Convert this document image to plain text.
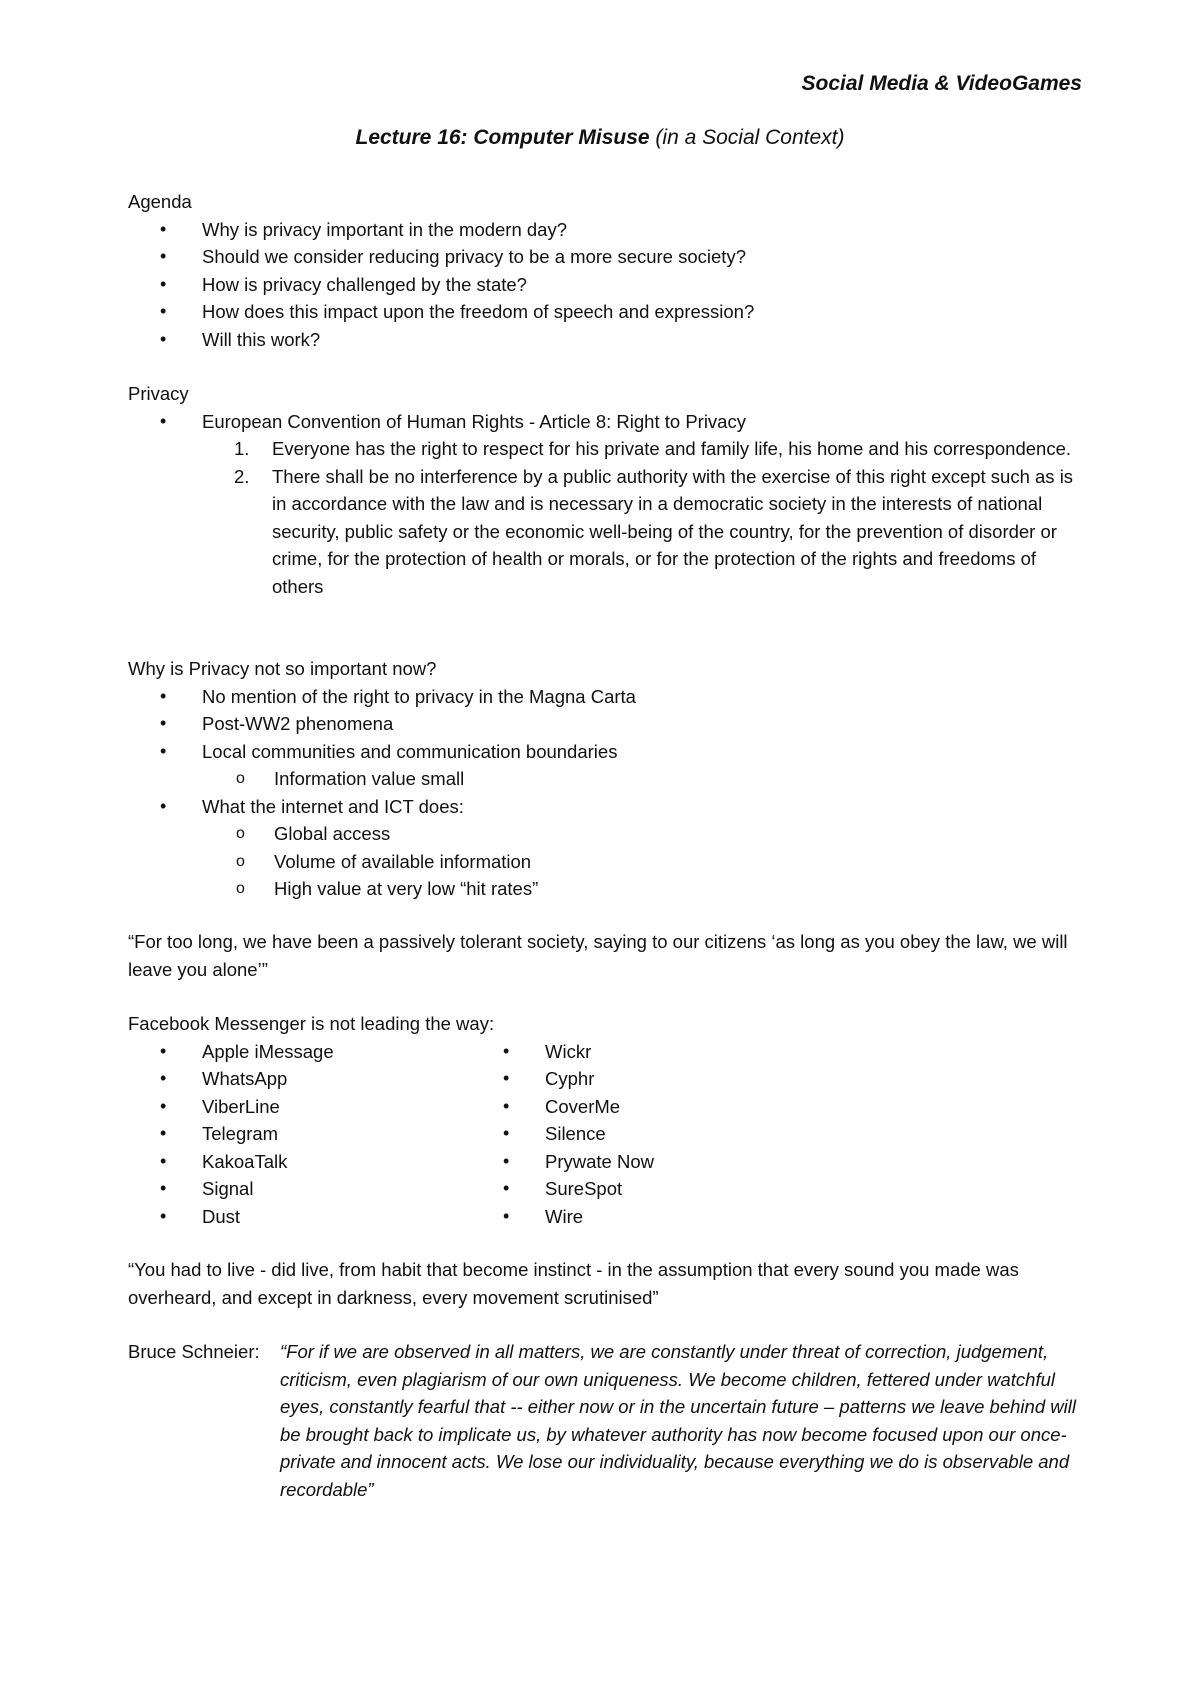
Social Media & VideoGames
Lecture 16: Computer Misuse (in a Social Context)

Agenda

• Why is privacy important in the modern day?
• Should we consider reducing privacy to be a more secure society?
• How is privacy challenged by the state?
• How does this impact upon the freedom of speech and expression?
• Will this work?

Privacy

• European Convention of Human Rights - Article 8: Right to Privacy
1. Everyone has the right to respect for his private and family life, his home and his correspondence.
2. There shall be no interference by a public authority with the exercise of this right except such as is in accordance with the law and is necessary in a democratic society in the interests of national security, public safety or the economic well-being of the country, for the prevention of disorder or crime, for the protection of health or morals, or for the protection of the rights and freedoms of others

Why is Privacy not so important now?

• No mention of the right to privacy in the Magna Carta
• Post-WW2 phenomena
• Local communities and communication boundaries
o Information value small
• What the internet and ICT does:
o Global access
o Volume of available information
o High value at very low “hit rates”

“For too long, we have been a passively tolerant society, saying to our citizens ‘as long as you obey the law, we will leave you alone’”

Facebook Messenger is not leading the way:

• Apple iMessage
• WhatsApp
• ViberLine
• Telegram
• KakoaTalk
• Signal
• Dust
• Wickr
• Cyphr
• CoverMe
• Silence
• Prywate Now
• SureSpot
• Wire

“You had to live - did live, from habit that become instinct - in the assumption that every sound you made was overheard, and except in darkness, every movement scrutinised”

Bruce Schneier:	“For if we are observed in all matters, we are constantly under threat of correction, judgement, criticism, even plagiarism of our own uniqueness. We become children, fettered under watchful eyes, constantly fearful that -- either now or in the uncertain future – patterns we leave behind will be brought back to implicate us, by whatever authority has now become focused upon our once-private and innocent acts. We lose our individuality, because everything we do is observable and recordable”
